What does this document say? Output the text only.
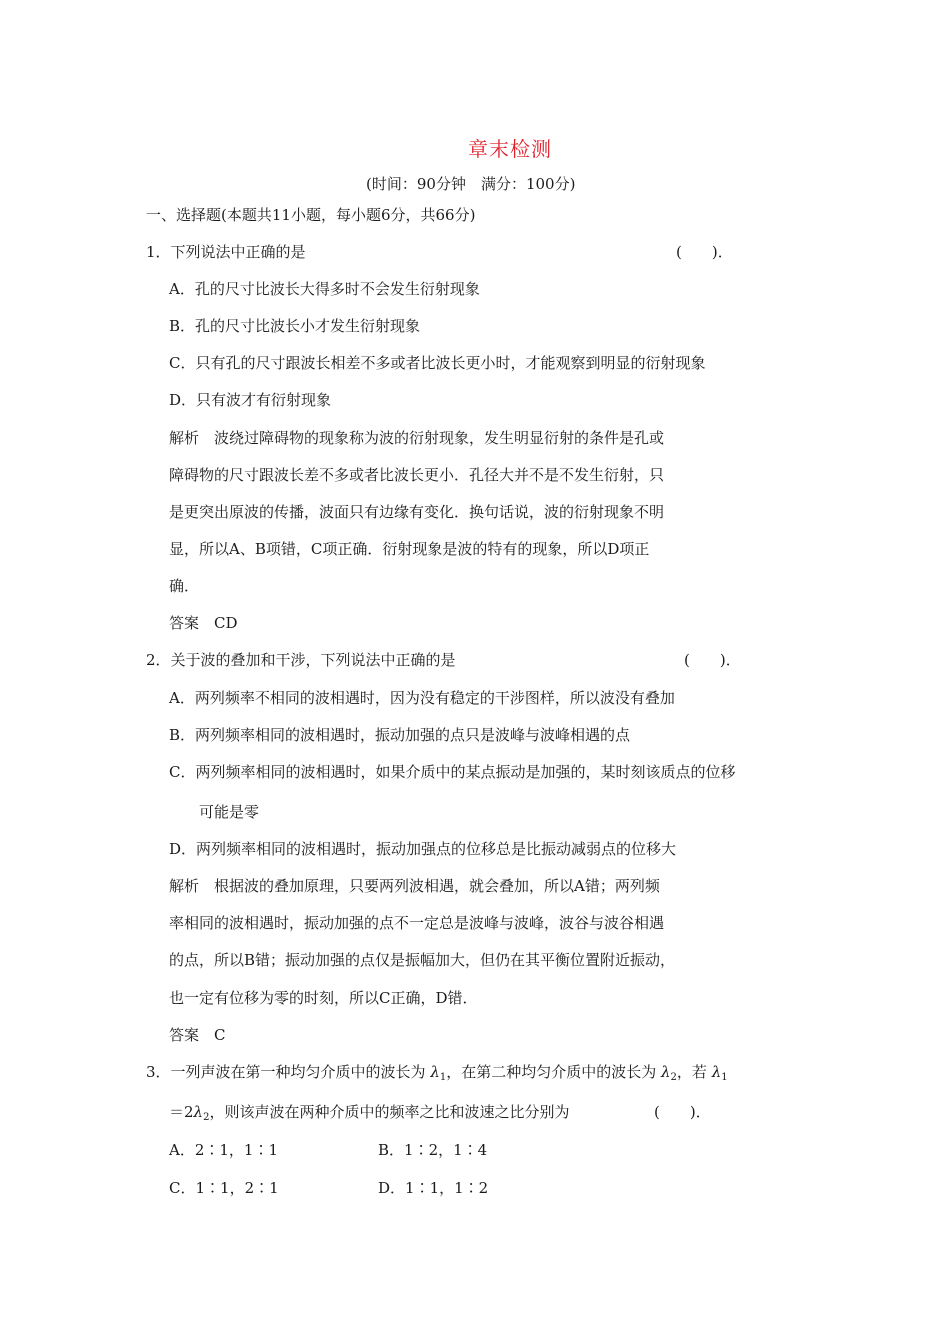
章末检测
(时间：90分钟　满分：100分)
一、选择题(本题共11小题，每小题6分，共66分)
1．下列说法中正确的是	(　　)．
A．孔的尺寸比波长大得多时不会发生衍射现象
B．孔的尺寸比波长小才发生衍射现象
C．只有孔的尺寸跟波长相差不多或者比波长更小时，才能观察到明显的衍射现象
D．只有波才有衍射现象
解析　波绕过障碍物的现象称为波的衍射现象，发生明显衍射的条件是孔或
障碍物的尺寸跟波长差不多或者比波长更小．孔径大并不是不发生衍射，只
是更突出原波的传播，波面只有边缘有变化．换句话说，波的衍射现象不明
显，所以A、B项错，C项正确．衍射现象是波的特有的现象，所以D项正
确．
答案　CD
2．关于波的叠加和干涉，下列说法中正确的是	(　　)．
A．两列频率不相同的波相遇时，因为没有稳定的干涉图样，所以波没有叠加
B．两列频率相同的波相遇时，振动加强的点只是波峰与波峰相遇的点
C．两列频率相同的波相遇时，如果介质中的某点振动是加强的，某时刻该质点的位移
可能是零
D．两列频率相同的波相遇时，振动加强点的位移总是比振动减弱点的位移大
解析　根据波的叠加原理，只要两列波相遇，就会叠加，所以A错；两列频
率相同的波相遇时，振动加强的点不一定总是波峰与波峰，波谷与波谷相遇
的点，所以B错；振动加强的点仅是振幅加大，但仍在其平衡位置附近振动，
也一定有位移为零的时刻，所以C正确，D错．
答案　C
3．一列声波在第一种均匀介质中的波长为 $\lambda_1$，在第二种均匀介质中的波长为 $\lambda_2$，若 $\lambda_1$
$=2\lambda_2$，则该声波在两种介质中的频率之比和波速之比分别为	(　　)．
A．2∶1，1∶1	B．1∶2，1∶4
C．1∶1，2∶1	D．1∶1，1∶2
